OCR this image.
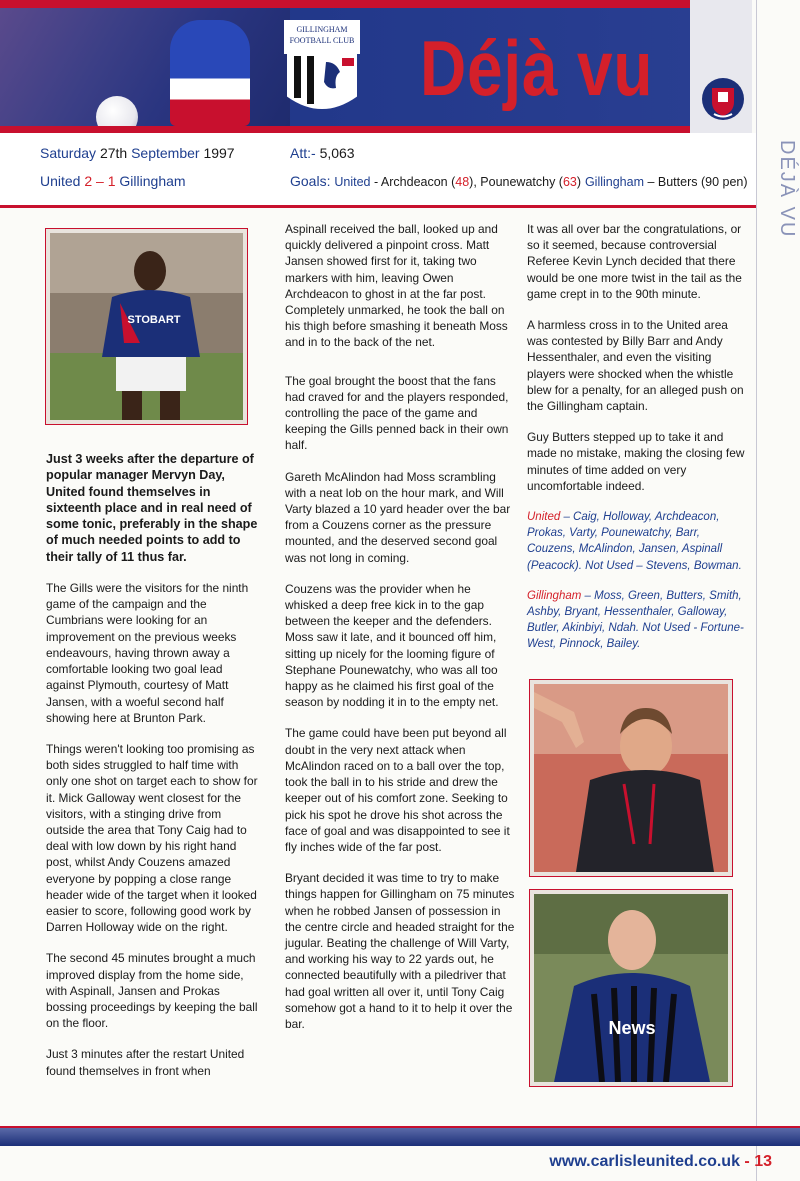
GILLINGHAM
FOOTBALL CLUB Déjà vu
DÉJÀ VU
Saturday 27th September 1997	Att:- 5,063
United 2 – 1 Gillingham	Goals: United - Archdeacon (48), Pounewatchy (63) Gillingham – Butters (90 pen)
STOBART

Just 3 weeks after the departure of popular manager Mervyn Day, United found themselves in sixteenth place and in real need of some tonic, preferably in the shape of much needed points to add to their tally of 11 thus far.

The Gills were the visitors for the ninth game of the campaign and the Cumbrians were looking for an improvement on the previous weeks endeavours, having thrown away a comfortable looking two goal lead against Plymouth, courtesy of Matt Jansen, with a woeful second half showing here at Brunton Park.

Things weren't looking too promising as both sides struggled to half time with only one shot on target each to show for it. Mick Galloway went closest for the visitors, with a stinging drive from outside the area that Tony Caig had to deal with low down by his right hand post, whilst Andy Couzens amazed everyone by popping a close range header wide of the target when it looked easier to score, following good work by Darren Holloway wide on the right.

The second 45 minutes brought a much improved display from the home side, with Aspinall, Jansen and Prokas bossing proceedings by keeping the ball on the floor.

Just 3 minutes after the restart United found themselves in front when

Aspinall received the ball, looked up and quickly delivered a pinpoint cross. Matt Jansen showed first for it, taking two markers with him, leaving Owen Archdeacon to ghost in at the far post. Completely unmarked, he took the ball on his thigh before smashing it beneath Moss and in to the back of the net.

The goal brought the boost that the fans had craved for and the players responded, controlling the pace of the game and keeping the Gills penned back in their own half.

Gareth McAlindon had Moss scrambling with a neat lob on the hour mark, and Will Varty blazed a 10 yard header over the bar from a Couzens corner as the pressure mounted, and the deserved second goal was not long in coming.

Couzens was the provider when he whisked a deep free kick in to the gap between the keeper and the defenders. Moss saw it late, and it bounced off him, sitting up nicely for the looming figure of Stephane Pounewatchy, who was all too happy as he claimed his first goal of the season by nodding it in to the empty net.

The game could have been put beyond all doubt in the very next attack when McAlindon raced on to a ball over the top, took the ball in to his stride and drew the keeper out of his comfort zone. Seeking to pick his spot he drove his shot across the face of goal and was disappointed to see it fly inches wide of the far post.

Bryant decided it was time to try to make things happen for Gillingham on 75 minutes when he robbed Jansen of possession in the centre circle and headed straight for the jugular. Beating the challenge of Will Varty, and working his way to 22 yards out, he connected beautifully with a piledriver that had goal written all over it, until Tony Caig somehow got a hand to it to help it over the bar.

It was all over bar the congratulations, or so it seemed, because controversial Referee Kevin Lynch decided that there would be one more twist in the tail as the game crept in to the 90th minute.

A harmless cross in to the United area was contested by Billy Barr and Andy Hessenthaler, and even the visiting players were shocked when the whistle blew for a penalty, for an alleged push on the Gillingham captain.

Guy Butters stepped up to take it and made no mistake, making the closing few minutes of time added on very uncomfortable indeed.

United – Caig, Holloway, Archdeacon, Prokas, Varty, Pounewatchy, Barr, Couzens, McAlindon, Jansen, Aspinall (Peacock). Not Used – Stevens, Bowman.
Gillingham – Moss, Green, Butters, Smith, Ashby, Bryant, Hessenthaler, Galloway, Butler, Akinbiyi, Ndah. Not Used - Fortune-West, Pinnock, Bailey.
News
www.carlisleunited.co.uk - 13
